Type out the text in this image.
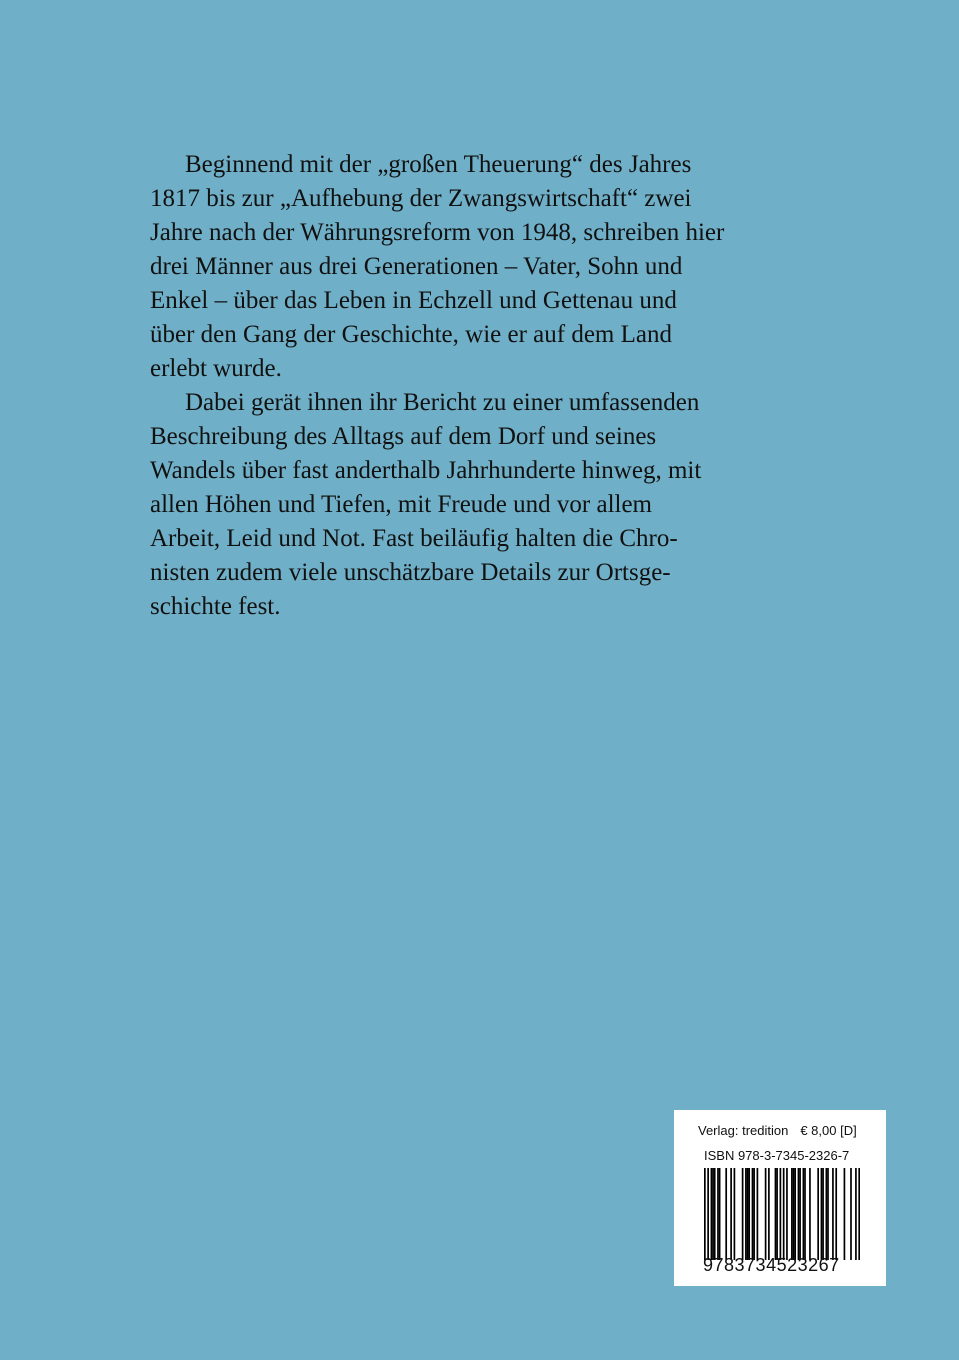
Beginnend mit der „großen Theuerung“ des Jahres
1817 bis zur „Aufhebung der Zwangswirtschaft“ zwei
Jahre nach der Währungsreform von 1948, schreiben hier
drei Männer aus drei Generationen – Vater, Sohn und
Enkel – über das Leben in Echzell und Gettenau und
über den Gang der Geschichte, wie er auf dem Land
erlebt wurde.

Dabei gerät ihnen ihr Bericht zu einer umfassenden
Beschreibung des Alltags auf dem Dorf und seines
Wandels über fast anderthalb Jahrhunderte hinweg, mit
allen Höhen und Tiefen, mit Freude und vor allem
Arbeit, Leid und Not. Fast beiläufig halten die Chro-
nisten zudem viele unschätzbare Details zur Ortsge-
schichte fest.

Verlag: tredition € 8,00 [D]
ISBN 978-3-7345-2326-7
9783734523267
